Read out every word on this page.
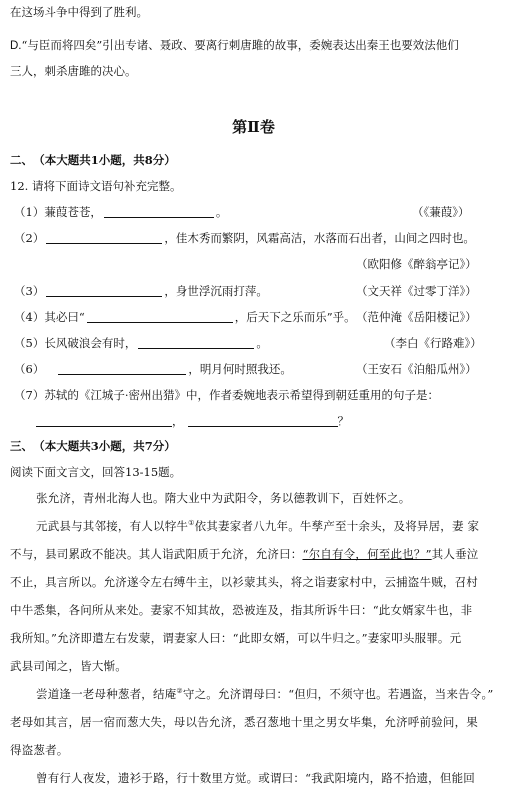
在这场斗争中得到了胜利。
D.“与臣而将四矣”引出专诸、聂政、要离行刺唐雎的故事，委婉表达出秦王也要效法他们
三人，刺杀唐雎的决心。
第Ⅱ卷
二、 （本大题共1小题，共8分）
12. 请将下面诗文语句补充完整。
（1）蒹葭苍苍，	。	（《蒹葭》）
（2）	，佳木秀而繁阴，风霜高洁，水落而石出者，山间之四时也。
（欧阳修《醉翁亭记》）
（3）	，身世浮沉雨打萍。	（文天祥《过零丁洋》）
（4）其必曰“	，后天下之乐而乐”乎。 （范仲淹《岳阳楼记》）
（5）长风破浪会有时，	。	（李白《行路难》）
（6）	，明月何时照我还。	（王安石《泊船瓜州》）
（7）苏轼的《江城子·密州出猎》中，作者委婉地表示希望得到朝廷重用的句子是：
，	？
三、 （本大题共3小题，共7分）
阅读下面文言文，回答13-15题。
张允济，青州北海人也。隋大业中为武阳令，务以德教训下，百姓怀之。
元武县与其邻接，有人以牸牛①依其妻家者八九年。牛孳产至十余头，及将异居，妻 家
不与，县司累政不能决。其人诣武阳质于允济，允济曰：“尔自有令，何至此也？”其人垂泣
不止，具言所以。允济遂令左右缚牛主，以衫蒙其头，将之诣妻家村中，云捕盗牛贼，召村
中牛悉集，各问所从来处。妻家不知其故，恐被连及，指其所诉牛曰：“此女婿家牛也，非
我所知。”允济即遣左右发蒙，谓妻家人曰：“此即女婿，可以牛归之。”妻家叩头服罪。元
武县司闻之，皆大惭。
尝道逢一老母种葱者，结庵②守之。允济谓母曰：“但归，不须守也。若遇盗，当来告令。”
老母如其言，居一宿而葱大失，母以告允济，悉召葱地十里之男女毕集，允济呼前验问，果
得盗葱者。
曾有行人夜发，遗衫于路，行十数里方觉。或谓曰：“我武阳境内，路不拾遗，但能回
